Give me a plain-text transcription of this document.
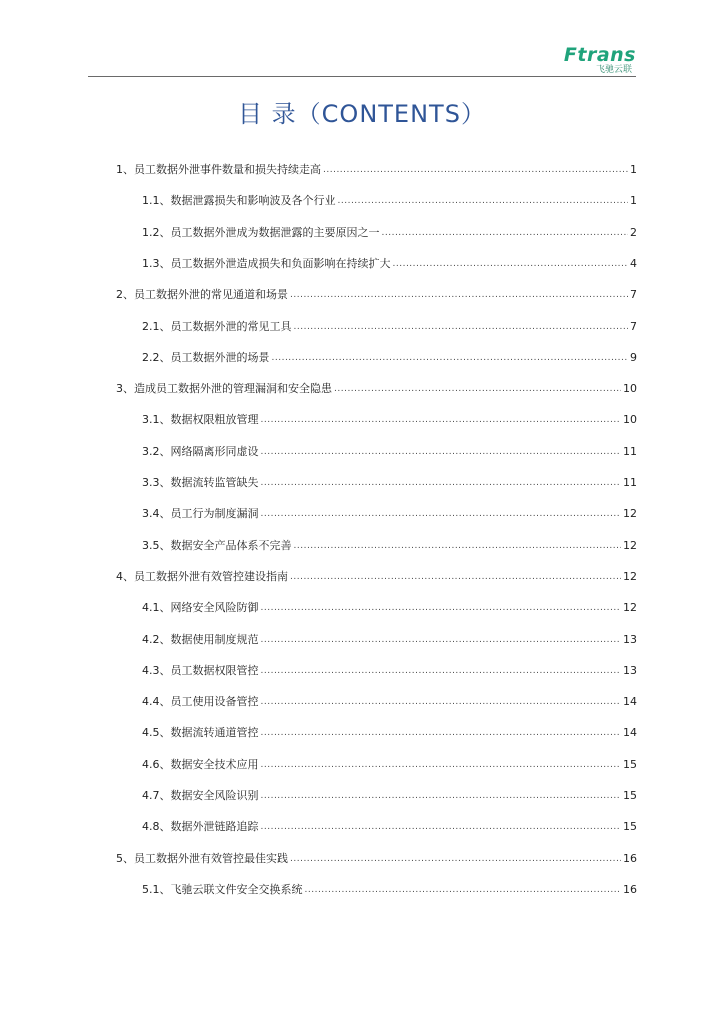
Ftrans
飞驰云联
目 录（CONTENTS）
1、员工数据外泄事件数量和损失持续走高 .....	1
1.1、数据泄露损失和影响波及各个行业 .....	1
1.2、员工数据外泄成为数据泄露的主要原因之一 .....	2
1.3、员工数据外泄造成损失和负面影响在持续扩大 .....	4
2、员工数据外泄的常见通道和场景 .....	7
2.1、员工数据外泄的常见工具 .....	7
2.2、员工数据外泄的场景 .....	9
3、造成员工数据外泄的管理漏洞和安全隐患 .....	10
3.1、数据权限粗放管理 .....	10
3.2、网络隔离形同虚设 .....	11
3.3、数据流转监管缺失 .....	11
3.4、员工行为制度漏洞 .....	12
3.5、数据安全产品体系不完善 .....	12
4、员工数据外泄有效管控建设指南 .....	12
4.1、网络安全风险防御 .....	12
4.2、数据使用制度规范 .....	13
4.3、员工数据权限管控 .....	13
4.4、员工使用设备管控 .....	14
4.5、数据流转通道管控 .....	14
4.6、数据安全技术应用 .....	15
4.7、数据安全风险识别 .....	15
4.8、数据外泄链路追踪 .....	15
5、员工数据外泄有效管控最佳实践 .....	16
5.1、飞驰云联文件安全交换系统 .....	16
